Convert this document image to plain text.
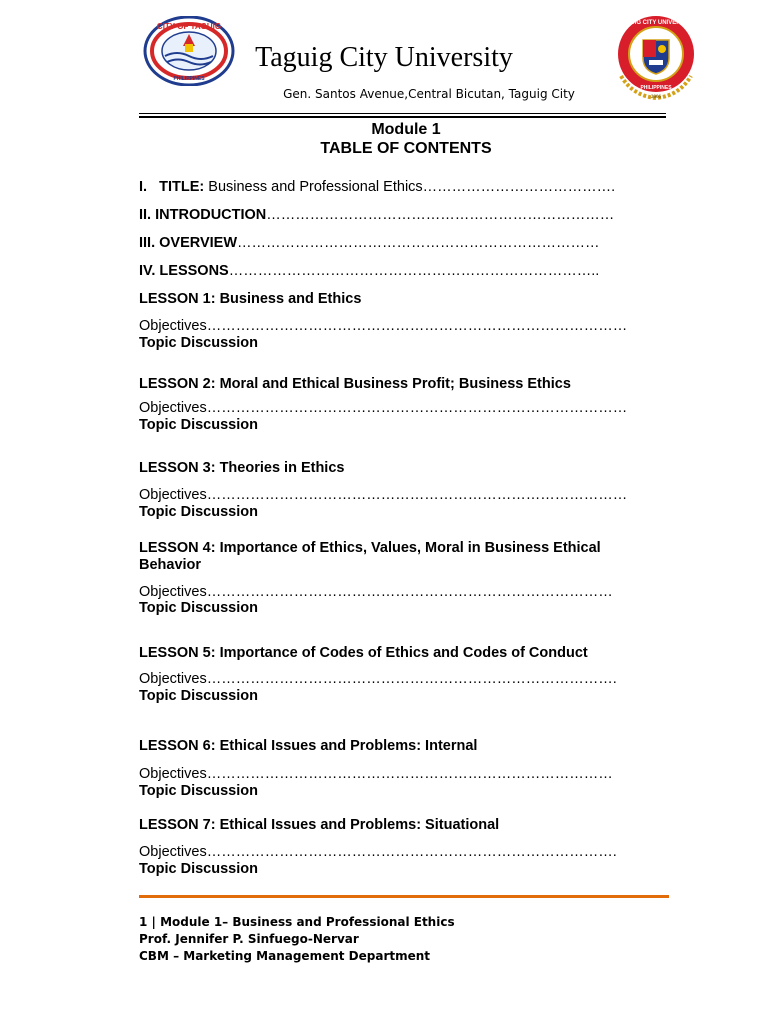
CITY OF TAGUIG
PHILIPPINES
TAGUIG CITY UNIVERSITY
PHILIPPINES
2006
Taguig City University
Gen. Santos Avenue,Central Bicutan, Taguig City
Module 1
TABLE OF CONTENTS
I.   TITLE: Business and Professional Ethics………………………………….
II. INTRODUCTION………………………………………………………………
III. OVERVIEW…………………………………………………………………
IV. LESSONS…………………………………………………………………..
LESSON 1: Business and Ethics
Objectives……………………………………………………………………………
Topic Discussion
LESSON 2: Moral and Ethical Business Profit; Business Ethics
Objectives……………………………………………………………………………
Topic Discussion
LESSON 3: Theories in Ethics
Objectives……………………………………………………………………………
Topic Discussion
LESSON 4: Importance of Ethics, Values, Moral in Business Ethical
Behavior
Objectives…………………………………………………………………………
Topic Discussion
LESSON 5: Importance of Codes of Ethics and Codes of Conduct
Objectives………………………………………………………………………….
Topic Discussion
LESSON 6: Ethical Issues and Problems: Internal
Objectives…………………………………………………………………………
Topic Discussion
LESSON 7: Ethical Issues and Problems: Situational
Objectives………………………………………………………………………….
Topic Discussion
1 | Module 1– Business and Professional Ethics
Prof. Jennifer P. Sinfuego-Nervar
CBM – Marketing Management Department
